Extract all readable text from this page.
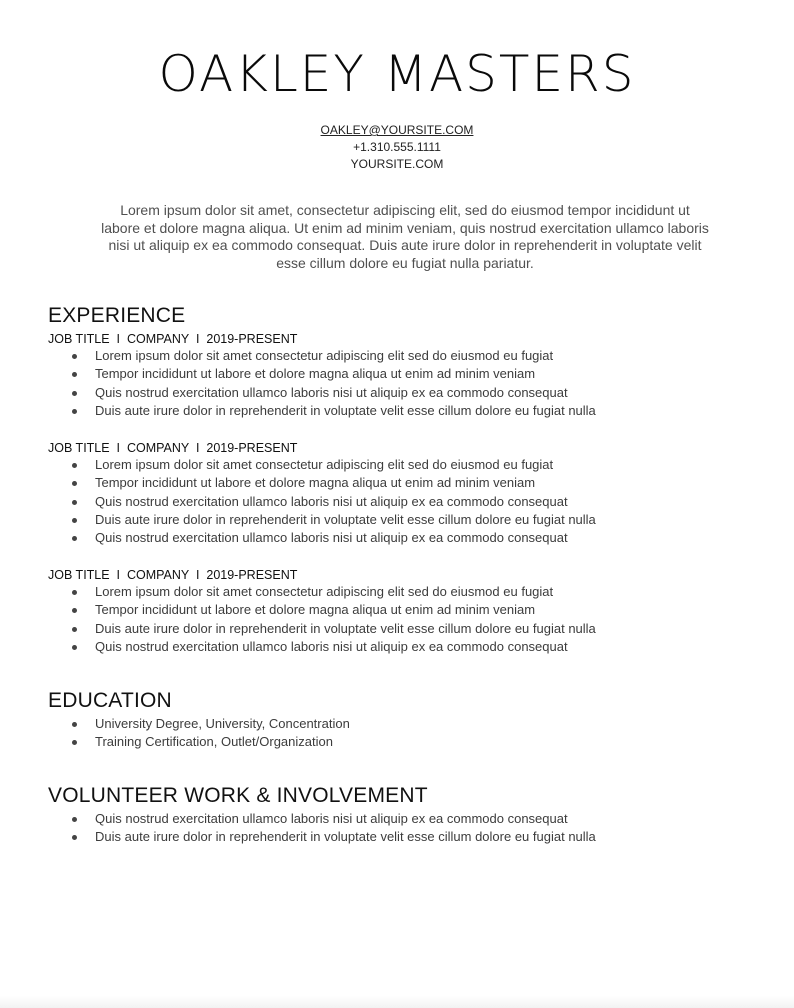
OAKLEY MASTERS
OAKLEY@YOURSITE.COM
+1.310.555.1111
YOURSITE.COM
Lorem ipsum dolor sit amet, consectetur adipiscing elit, sed do eiusmod tempor incididunt ut labore et dolore magna aliqua. Ut enim ad minim veniam, quis nostrud exercitation ullamco laboris nisi ut aliquip ex ea commodo consequat. Duis aute irure dolor in reprehenderit in voluptate velit esse cillum dolore eu fugiat nulla pariatur.
EXPERIENCE
JOB TITLE  I  COMPANY  I  2019-PRESENT
Lorem ipsum dolor sit amet consectetur adipiscing elit sed do eiusmod eu fugiat
Tempor incididunt ut labore et dolore magna aliqua ut enim ad minim veniam
Quis nostrud exercitation ullamco laboris nisi ut aliquip ex ea commodo consequat
Duis aute irure dolor in reprehenderit in voluptate velit esse cillum dolore eu fugiat nulla
JOB TITLE  I  COMPANY  I  2019-PRESENT
Lorem ipsum dolor sit amet consectetur adipiscing elit sed do eiusmod eu fugiat
Tempor incididunt ut labore et dolore magna aliqua ut enim ad minim veniam
Quis nostrud exercitation ullamco laboris nisi ut aliquip ex ea commodo consequat
Duis aute irure dolor in reprehenderit in voluptate velit esse cillum dolore eu fugiat nulla
Quis nostrud exercitation ullamco laboris nisi ut aliquip ex ea commodo consequat
JOB TITLE  I  COMPANY  I  2019-PRESENT
Lorem ipsum dolor sit amet consectetur adipiscing elit sed do eiusmod eu fugiat
Tempor incididunt ut labore et dolore magna aliqua ut enim ad minim veniam
Duis aute irure dolor in reprehenderit in voluptate velit esse cillum dolore eu fugiat nulla
Quis nostrud exercitation ullamco laboris nisi ut aliquip ex ea commodo consequat
EDUCATION
University Degree, University, Concentration
Training Certification, Outlet/Organization
VOLUNTEER WORK & INVOLVEMENT
Quis nostrud exercitation ullamco laboris nisi ut aliquip ex ea commodo consequat
Duis aute irure dolor in reprehenderit in voluptate velit esse cillum dolore eu fugiat nulla
